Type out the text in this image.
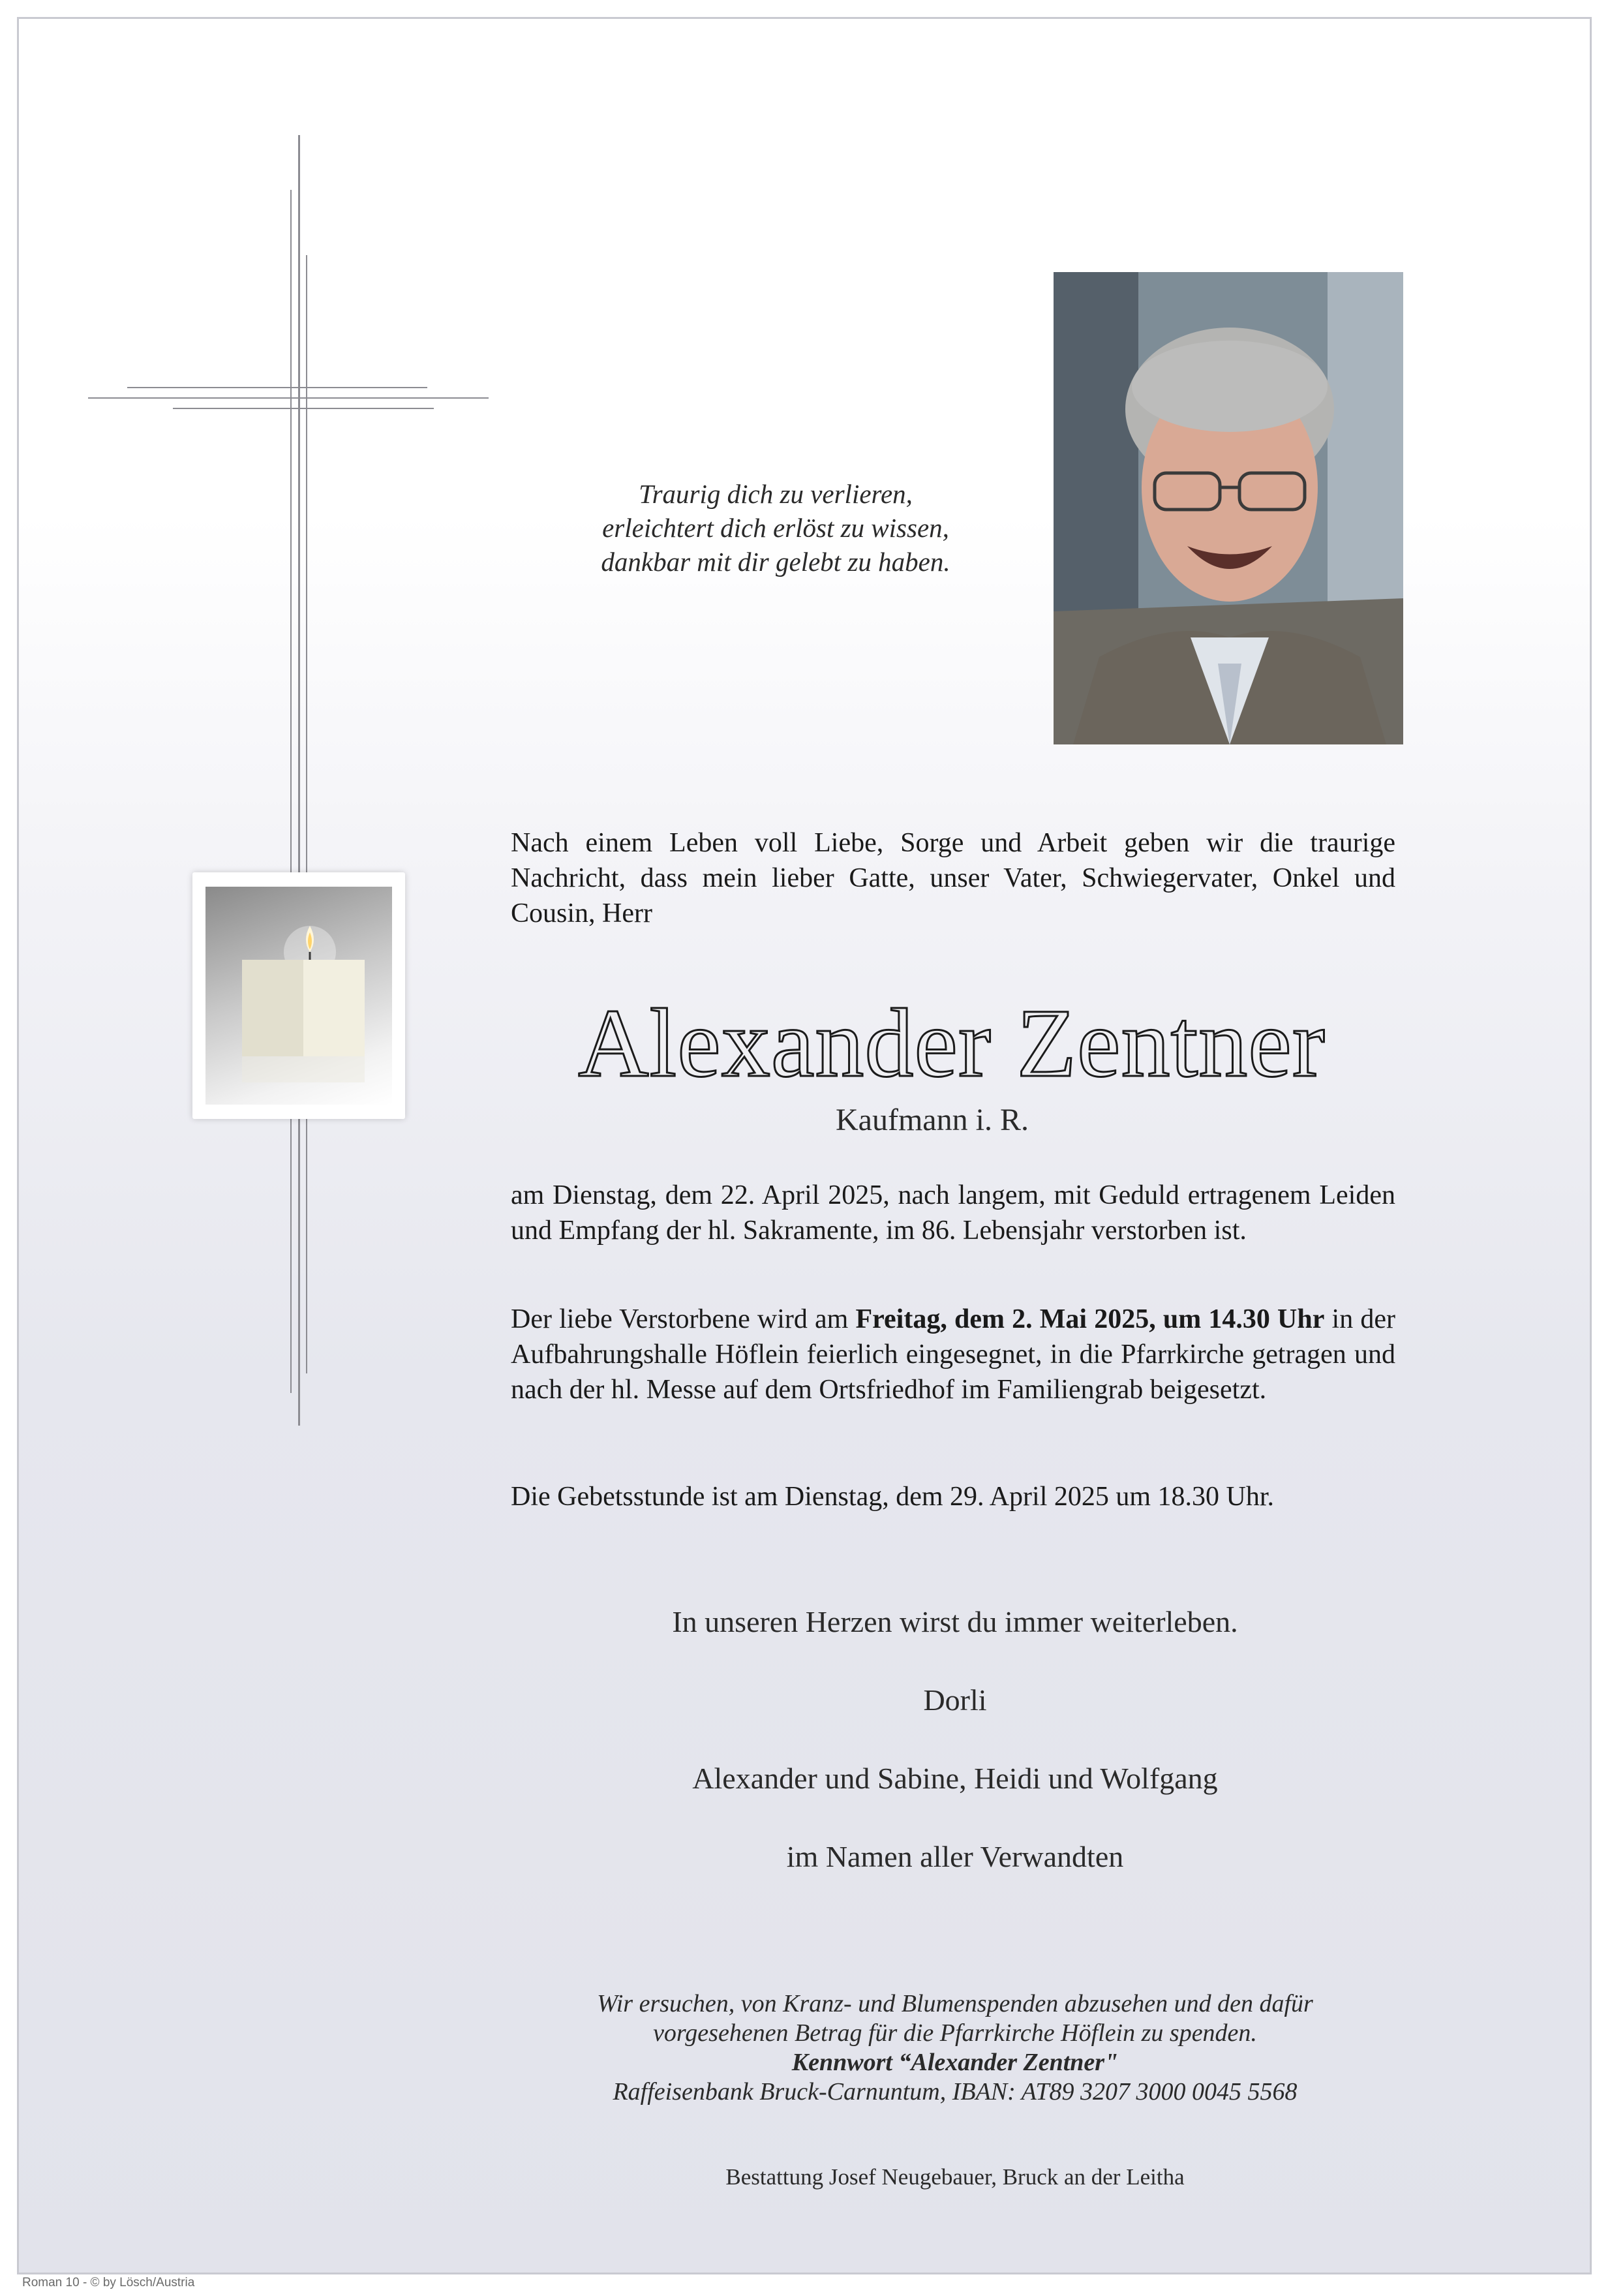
Traurig dich zu verlieren,
erleichtert dich erlöst zu wissen,
dankbar mit dir gelebt zu haben.
Nach einem Leben voll Liebe, Sorge und Arbeit geben wir die traurige Nachricht, dass mein lieber Gatte, unser Vater, Schwiegervater, Onkel und Cousin, Herr
Alexander Zentner
Kaufmann i. R.
am Dienstag, dem 22. April 2025, nach langem, mit Geduld ertragenem Leiden und Empfang der hl. Sakramente, im 86. Lebensjahr verstorben ist.
Der liebe Verstorbene wird am Freitag, dem 2. Mai 2025, um 14.30 Uhr in der Aufbahrungshalle Höflein feierlich eingesegnet, in die Pfarrkirche getragen und nach der hl. Messe auf dem Ortsfriedhof im Familiengrab beigesetzt.
Die Gebetsstunde ist am Dienstag, dem 29. April 2025 um 18.30 Uhr.
In unseren Herzen wirst du immer weiterleben.
Dorli
Alexander und Sabine, Heidi und Wolfgang
im Namen aller Verwandten
Wir ersuchen, von Kranz- und Blumenspenden abzusehen und den dafür
vorgesehenen Betrag für die Pfarrkirche Höflein zu spenden.
Kennwort “Alexander Zentner"
Raffeisenbank Bruck-Carnuntum, IBAN: AT89 3207 3000 0045 5568
Bestattung Josef Neugebauer, Bruck an der Leitha
Roman 10 - © by Lösch/Austria
